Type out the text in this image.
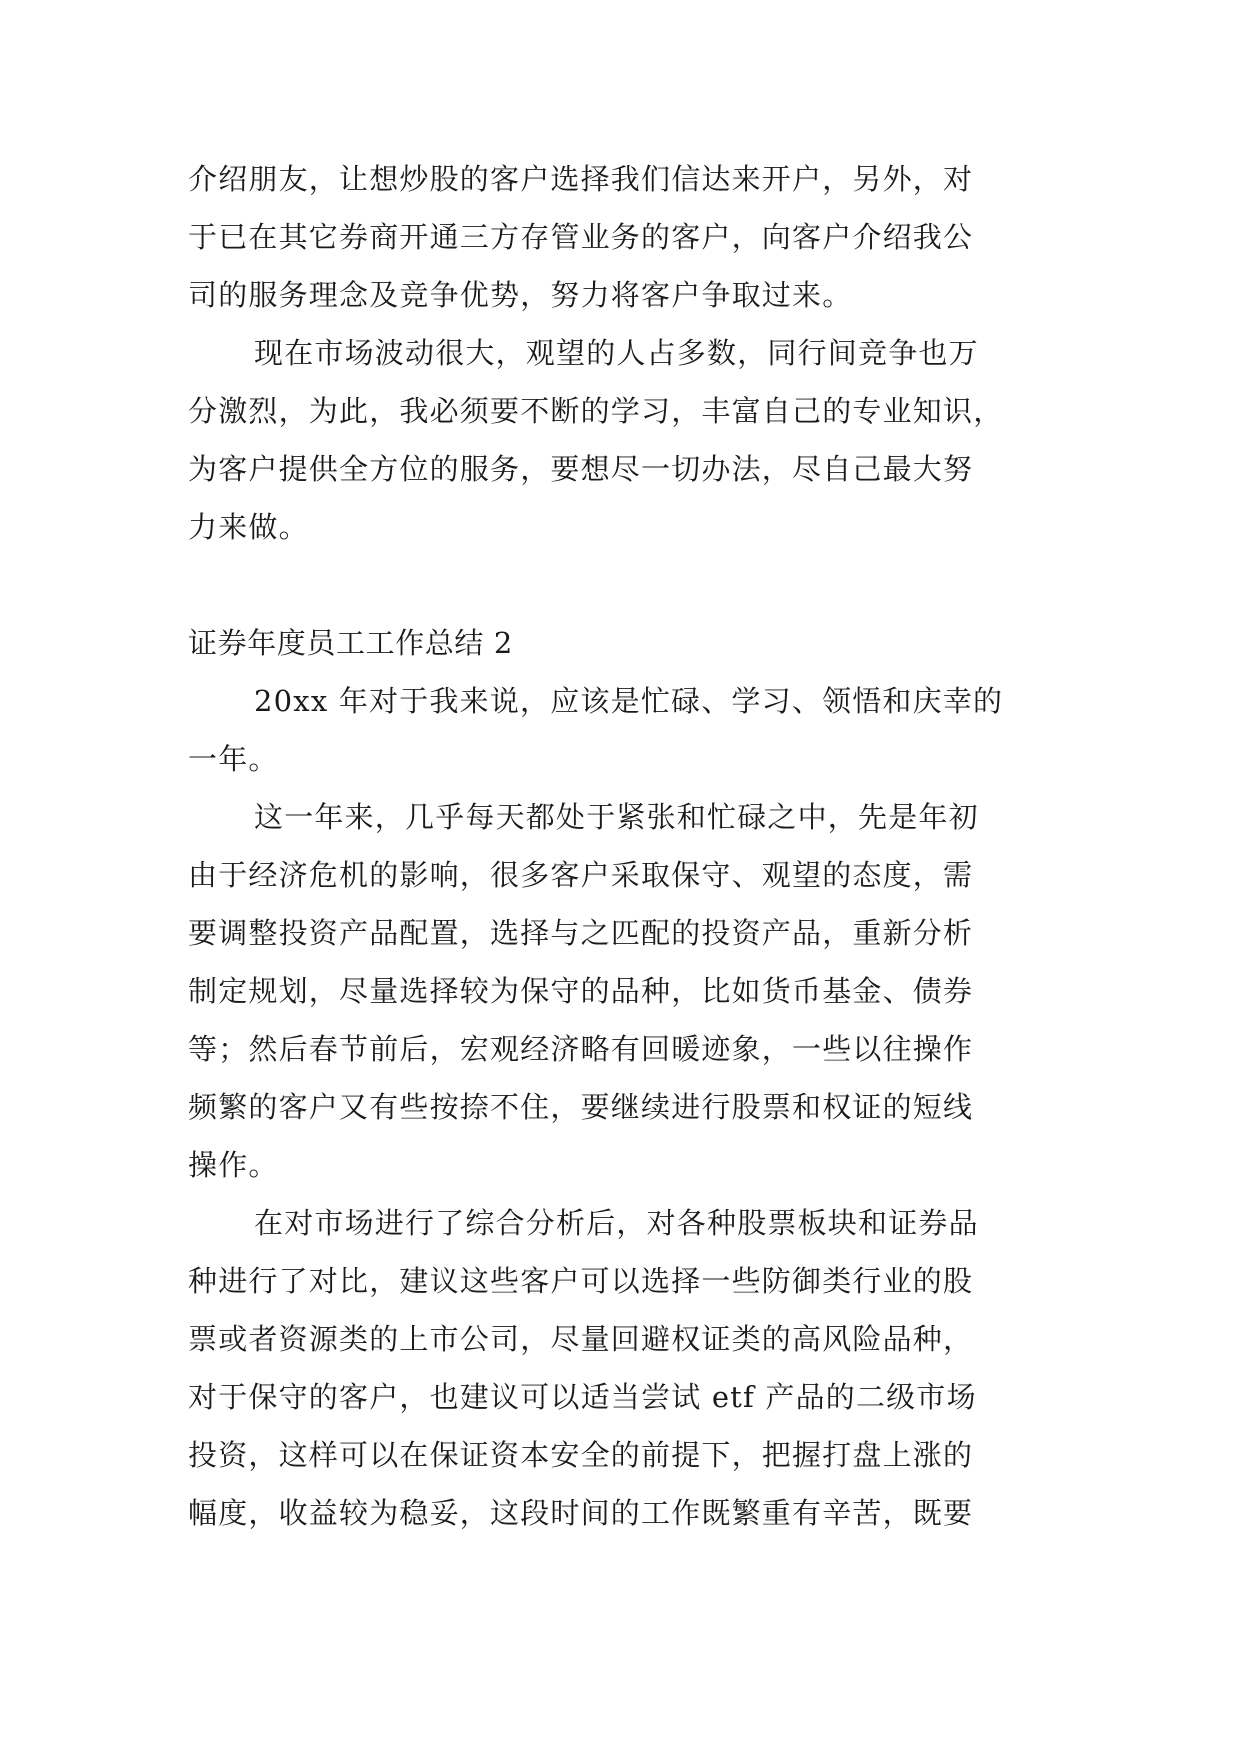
介绍朋友，让想炒股的客户选择我们信达来开户，另外，对
于已在其它券商开通三方存管业务的客户，向客户介绍我公
司的服务理念及竞争优势，努力将客户争取过来。
现在市场波动很大，观望的人占多数，同行间竞争也万
分激烈，为此，我必须要不断的学习，丰富自己的专业知识，
为客户提供全方位的服务，要想尽一切办法，尽自己最大努
力来做。
证券年度员工工作总结 2
20xx 年对于我来说，应该是忙碌、学习、领悟和庆幸的
一年。
这一年来，几乎每天都处于紧张和忙碌之中，先是年初
由于经济危机的影响，很多客户采取保守、观望的态度，需
要调整投资产品配置，选择与之匹配的投资产品，重新分析
制定规划，尽量选择较为保守的品种，比如货币基金、债券
等；然后春节前后，宏观经济略有回暖迹象，一些以往操作
频繁的客户又有些按捺不住，要继续进行股票和权证的短线
操作。
在对市场进行了综合分析后，对各种股票板块和证券品
种进行了对比，建议这些客户可以选择一些防御类行业的股
票或者资源类的上市公司，尽量回避权证类的高风险品种，
对于保守的客户，也建议可以适当尝试 etf 产品的二级市场
投资，这样可以在保证资本安全的前提下，把握打盘上涨的
幅度，收益较为稳妥，这段时间的工作既繁重有辛苦，既要
